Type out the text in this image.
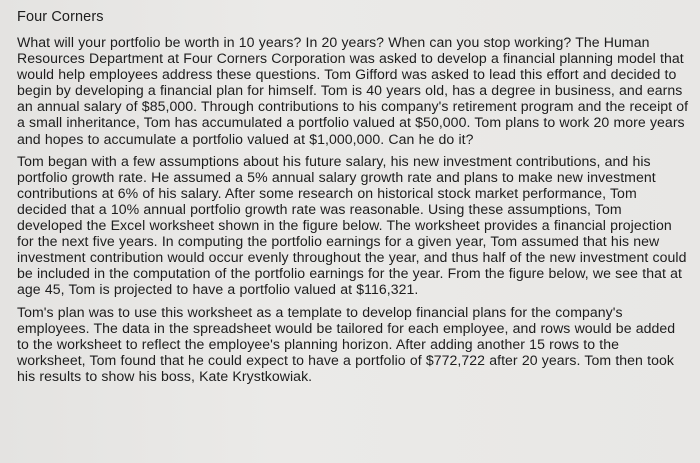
Four Corners

What will your portfolio be worth in 10 years? In 20 years? When can you stop working? The Human Resources Department at Four Corners Corporation was asked to develop a financial planning model that would help employees address these questions. Tom Gifford was asked to lead this effort and decided to begin by developing a financial plan for himself. Tom is 40 years old, has a degree in business, and earns an annual salary of $85,000. Through contributions to his company's retirement program and the receipt of a small inheritance, Tom has accumulated a portfolio valued at $50,000. Tom plans to work 20 more years and hopes to accumulate a portfolio valued at $1,000,000. Can he do it?

Tom began with a few assumptions about his future salary, his new investment contributions, and his portfolio growth rate. He assumed a 5% annual salary growth rate and plans to make new investment contributions at 6% of his salary. After some research on historical stock market performance, Tom decided that a 10% annual portfolio growth rate was reasonable. Using these assumptions, Tom developed the Excel worksheet shown in the figure below. The worksheet provides a financial projection for the next five years. In computing the portfolio earnings for a given year, Tom assumed that his new investment contribution would occur evenly throughout the year, and thus half of the new investment could be included in the computation of the portfolio earnings for the year. From the figure below, we see that at age 45, Tom is projected to have a portfolio valued at $116,321.

Tom's plan was to use this worksheet as a template to develop financial plans for the company's employees. The data in the spreadsheet would be tailored for each employee, and rows would be added to the worksheet to reflect the employee's planning horizon. After adding another 15 rows to the worksheet, Tom found that he could expect to have a portfolio of $772,722 after 20 years. Tom then took his results to show his boss, Kate Krystkowiak.
